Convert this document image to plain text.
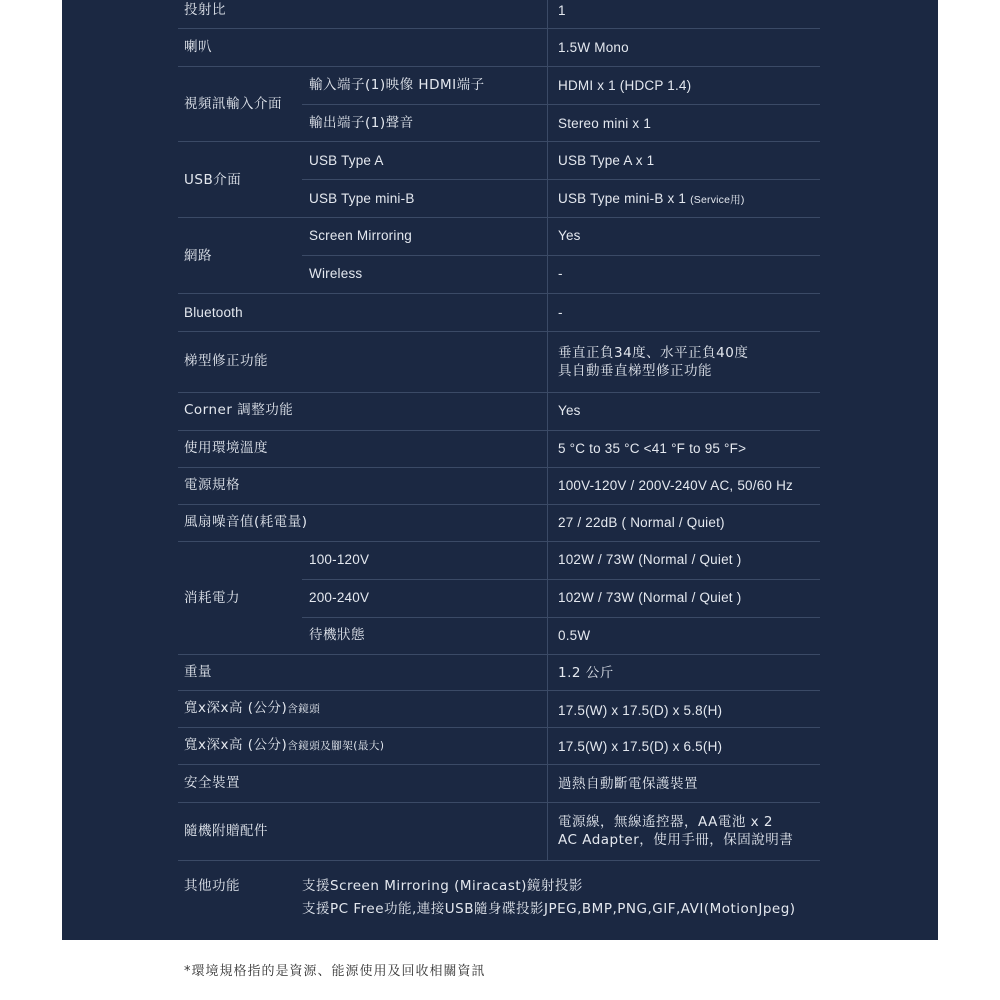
投射比	1
喇叭	1.5W Mono
視頻訊輸入介面
輸入端子(1)映像 HDMI端子	HDMI x 1 (HDCP 1.4)
輸出端子(1)聲音	Stereo mini x 1
USB介面
USB Type A	USB Type A x 1
USB Type mini-B	USB Type mini-B x 1 (Service用)
網路
Screen Mirroring	Yes
Wireless	-
Bluetooth	-
梯型修正功能	垂直正負34度、水平正負40度
具自動垂直梯型修正功能
Corner 調整功能	Yes
使用環境溫度	5 °C to 35 °C <41 °F to 95 °F>
電源規格	100V-120V / 200V-240V AC, 50/60 Hz
風扇噪音值(耗電量)	27 / 22dB ( Normal / Quiet)
消耗電力
100-120V	102W / 73W (Normal / Quiet )
200-240V	102W / 73W (Normal / Quiet )
待機狀態	0.5W
重量	1.2 公斤
寬x深x高 (公分)含鏡頭	17.5(W) x 17.5(D) x 5.8(H)
寬x深x高 (公分)含鏡頭及腳架(最大)	17.5(W) x 17.5(D) x 6.5(H)
安全裝置	過熱自動斷電保護裝置
隨機附贈配件
電源線，無線遙控器，AA電池 x 2
AC Adapter，使用手冊，保固說明書
其他功能	支援Screen Mirroring (Miracast)鏡射投影
支援PC Free功能,連接USB隨身碟投影JPEG,BMP,PNG,GIF,AVI(MotionJpeg)
*環境規格指的是資源、能源使用及回收相關資訊
